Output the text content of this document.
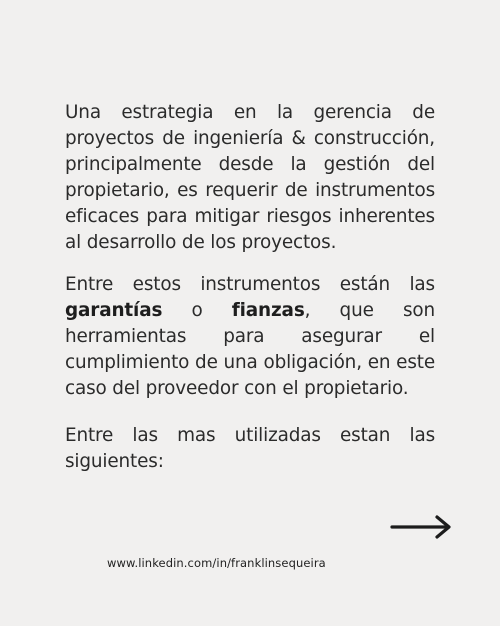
Una estrategia en la gerencia de proyectos de ingeniería & construcción, principalmente desde la gestión del propietario, es requerir de instrumentos eficaces para mitigar riesgos inherentes al desarrollo de los proyectos.

Entre estos instrumentos están las garantías o fianzas, que son herramientas para asegurar el cumplimiento de una obligación, en este caso del proveedor con el propietario.

Entre las mas utilizadas estan las siguientes:

www.linkedin.com/in/franklinsequeira
